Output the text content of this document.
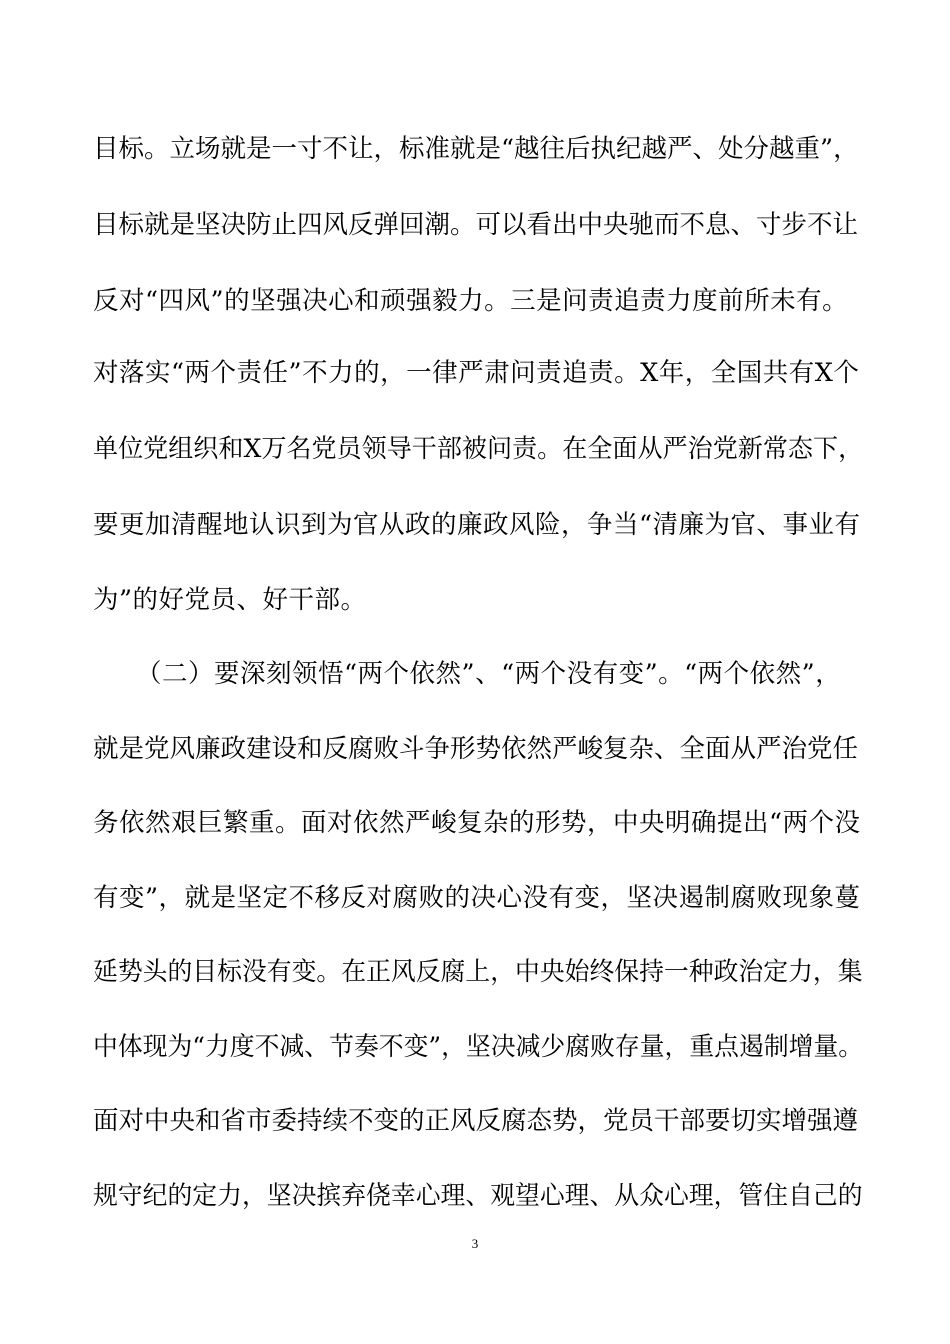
目标。立场就是一寸不让，标准就是“越往后执纪越严、处分越重”，
目标就是坚决防止四风反弹回潮。可以看出中央驰而不息、寸步不让
反对“四风”的坚强决心和顽强毅力。三是问责追责力度前所未有。
对落实“两个责任”不力的，一律严肃问责追责。X年，全国共有X个
单位党组织和X万名党员领导干部被问责。在全面从严治党新常态下，
要更加清醒地认识到为官从政的廉政风险，争当“清廉为官、事业有
为”的好党员、好干部。
（二）要深刻领悟“两个依然”、“两个没有变”。“两个依然”，
就是党风廉政建设和反腐败斗争形势依然严峻复杂、全面从严治党任
务依然艰巨繁重。面对依然严峻复杂的形势，中央明确提出“两个没
有变”，就是坚定不移反对腐败的决心没有变，坚决遏制腐败现象蔓
延势头的目标没有变。在正风反腐上，中央始终保持一种政治定力，集
中体现为“力度不减、节奏不变”，坚决减少腐败存量，重点遏制增量。
面对中央和省市委持续不变的正风反腐态势，党员干部要切实增强遵
规守纪的定力，坚决摈弃侥幸心理、观望心理、从众心理，管住自己的
3
